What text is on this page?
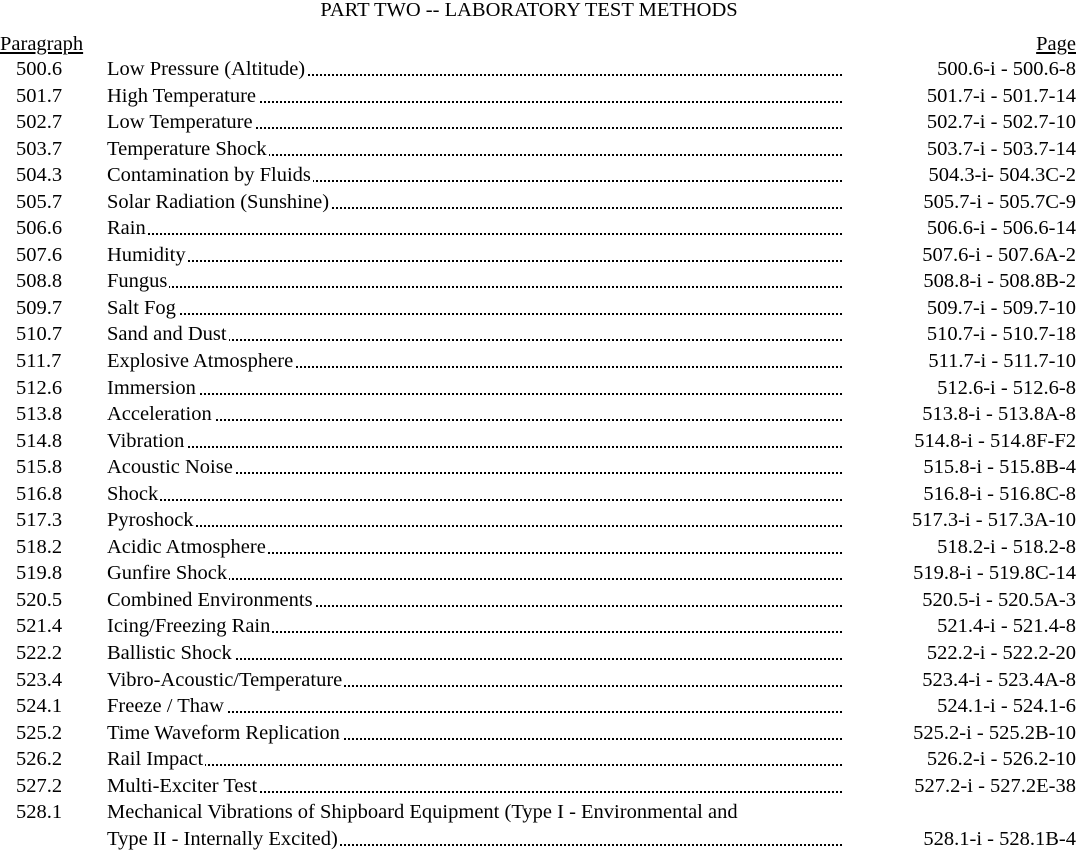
PART TWO -- LABORATORY TEST METHODS
Paragraph	Page
500.6 Low Pressure (Altitude)	500.6-i - 500.6-8
501.7 High Temperature	501.7-i - 501.7-14
502.7 Low Temperature	502.7-i - 502.7-10
503.7 Temperature Shock	503.7-i - 503.7-14
504.3 Contamination by Fluids	504.3-i- 504.3C-2
505.7 Solar Radiation (Sunshine)	505.7-i - 505.7C-9
506.6 Rain	506.6-i - 506.6-14
507.6 Humidity	507.6-i - 507.6A-2
508.8 Fungus	508.8-i - 508.8B-2
509.7 Salt Fog	509.7-i - 509.7-10
510.7 Sand and Dust	510.7-i - 510.7-18
511.7 Explosive Atmosphere	511.7-i - 511.7-10
512.6 Immersion	512.6-i - 512.6-8
513.8 Acceleration	513.8-i - 513.8A-8
514.8 Vibration	514.8-i - 514.8F-F2
515.8 Acoustic Noise	515.8-i - 515.8B-4
516.8 Shock	516.8-i - 516.8C-8
517.3 Pyroshock	517.3-i - 517.3A-10
518.2 Acidic Atmosphere	518.2-i - 518.2-8
519.8 Gunfire Shock	519.8-i - 519.8C-14
520.5 Combined Environments	520.5-i - 520.5A-3
521.4 Icing/Freezing Rain	521.4-i - 521.4-8
522.2 Ballistic Shock	522.2-i - 522.2-20
523.4 Vibro-Acoustic/Temperature	523.4-i - 523.4A-8
524.1 Freeze / Thaw	524.1-i - 524.1-6
525.2 Time Waveform Replication	525.2-i - 525.2B-10
526.2 Rail Impact	526.2-i - 526.2-10
527.2 Multi-Exciter Test	527.2-i - 527.2E-38
528.1 Mechanical Vibrations of Shipboard Equipment (Type I - Environmental and
Type II - Internally Excited)	528.1-i - 528.1B-4
